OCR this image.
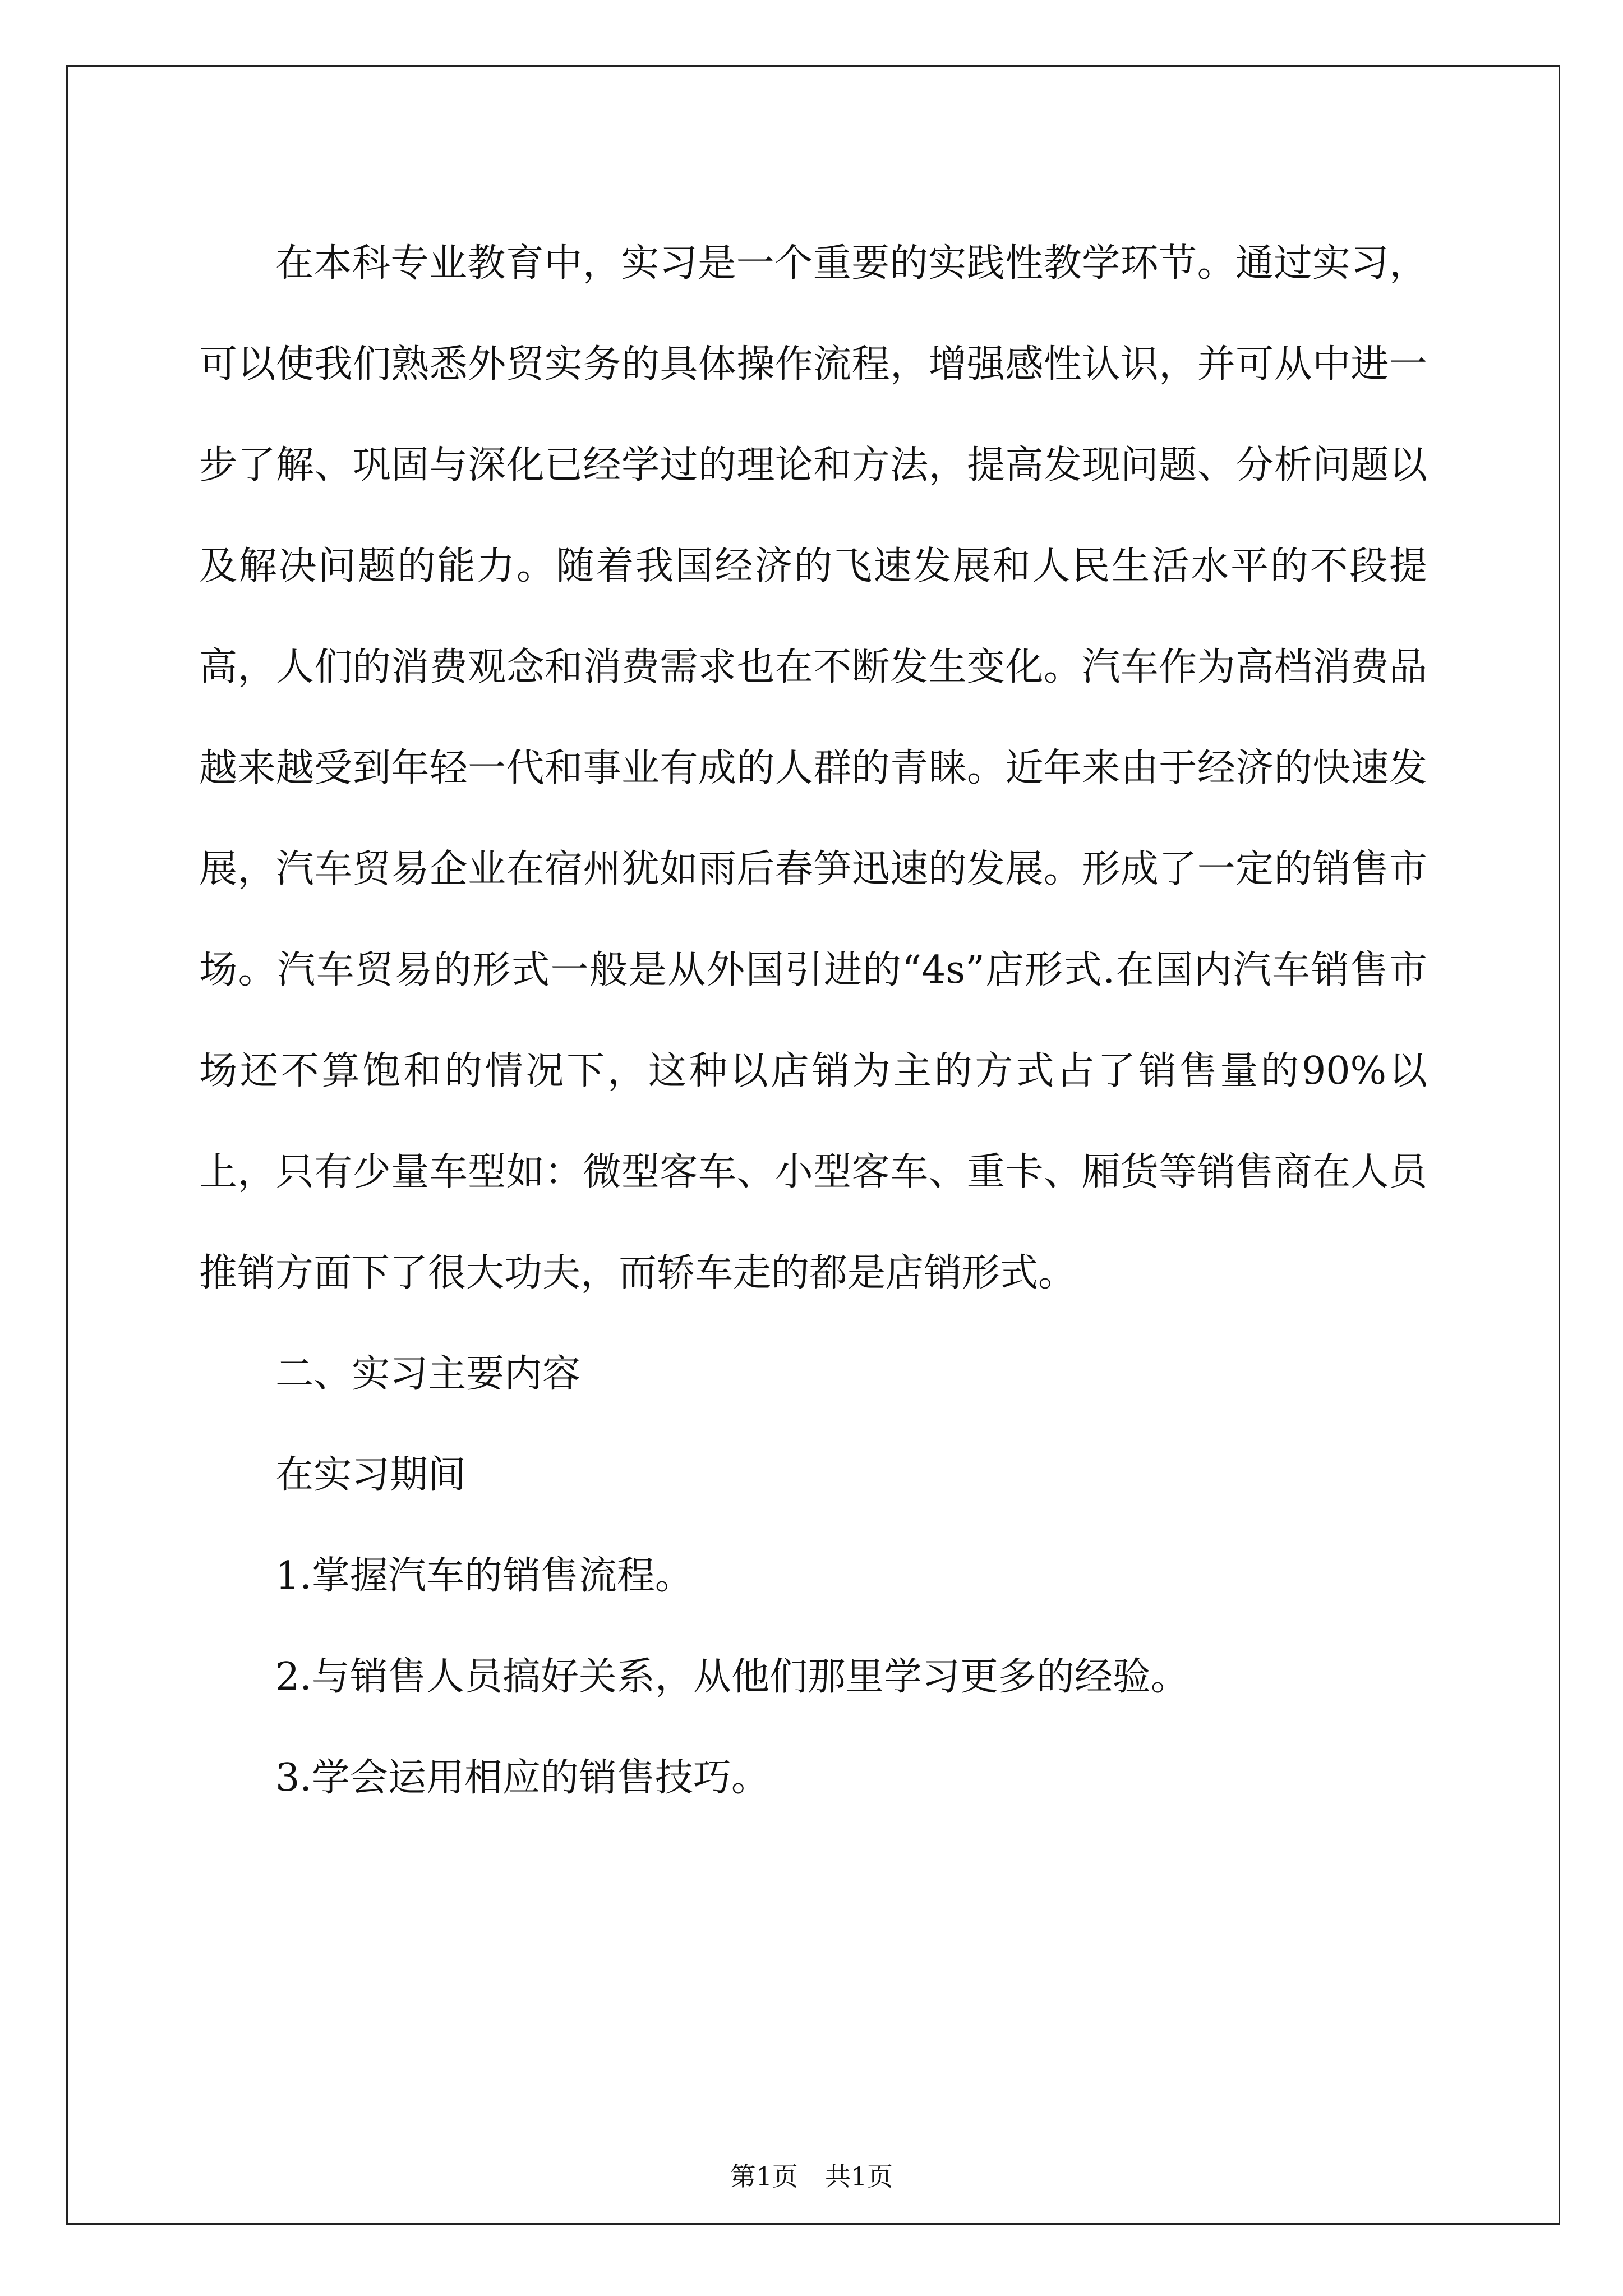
在本科专业教育中，实习是一个重要的实践性教学环节。通过实习，可以使我们熟悉外贸实务的具体操作流程，增强感性认识，并可从中进一步了解、巩固与深化已经学过的理论和方法，提高发现问题、分析问题以及解决问题的能力。随着我国经济的飞速发展和人民生活水平的不段提高，人们的消费观念和消费需求也在不断发生变化。汽车作为高档消费品越来越受到年轻一代和事业有成的人群的青睐。近年来由于经济的快速发展，汽车贸易企业在宿州犹如雨后春笋迅速的发展。形成了一定的销售市场。汽车贸易的形式一般是从外国引进的“4s”店形式.在国内汽车销售市场还不算饱和的情况下，这种以店销为主的方式占了销售量的90%以上，只有少量车型如：微型客车、小型客车、重卡、厢货等销售商在人员推销方面下了很大功夫，而轿车走的都是店销形式。

二、实习主要内容

在实习期间

1.掌握汽车的销售流程。

2.与销售人员搞好关系，从他们那里学习更多的经验。

3.学会运用相应的销售技巧。

第1页 共1页
